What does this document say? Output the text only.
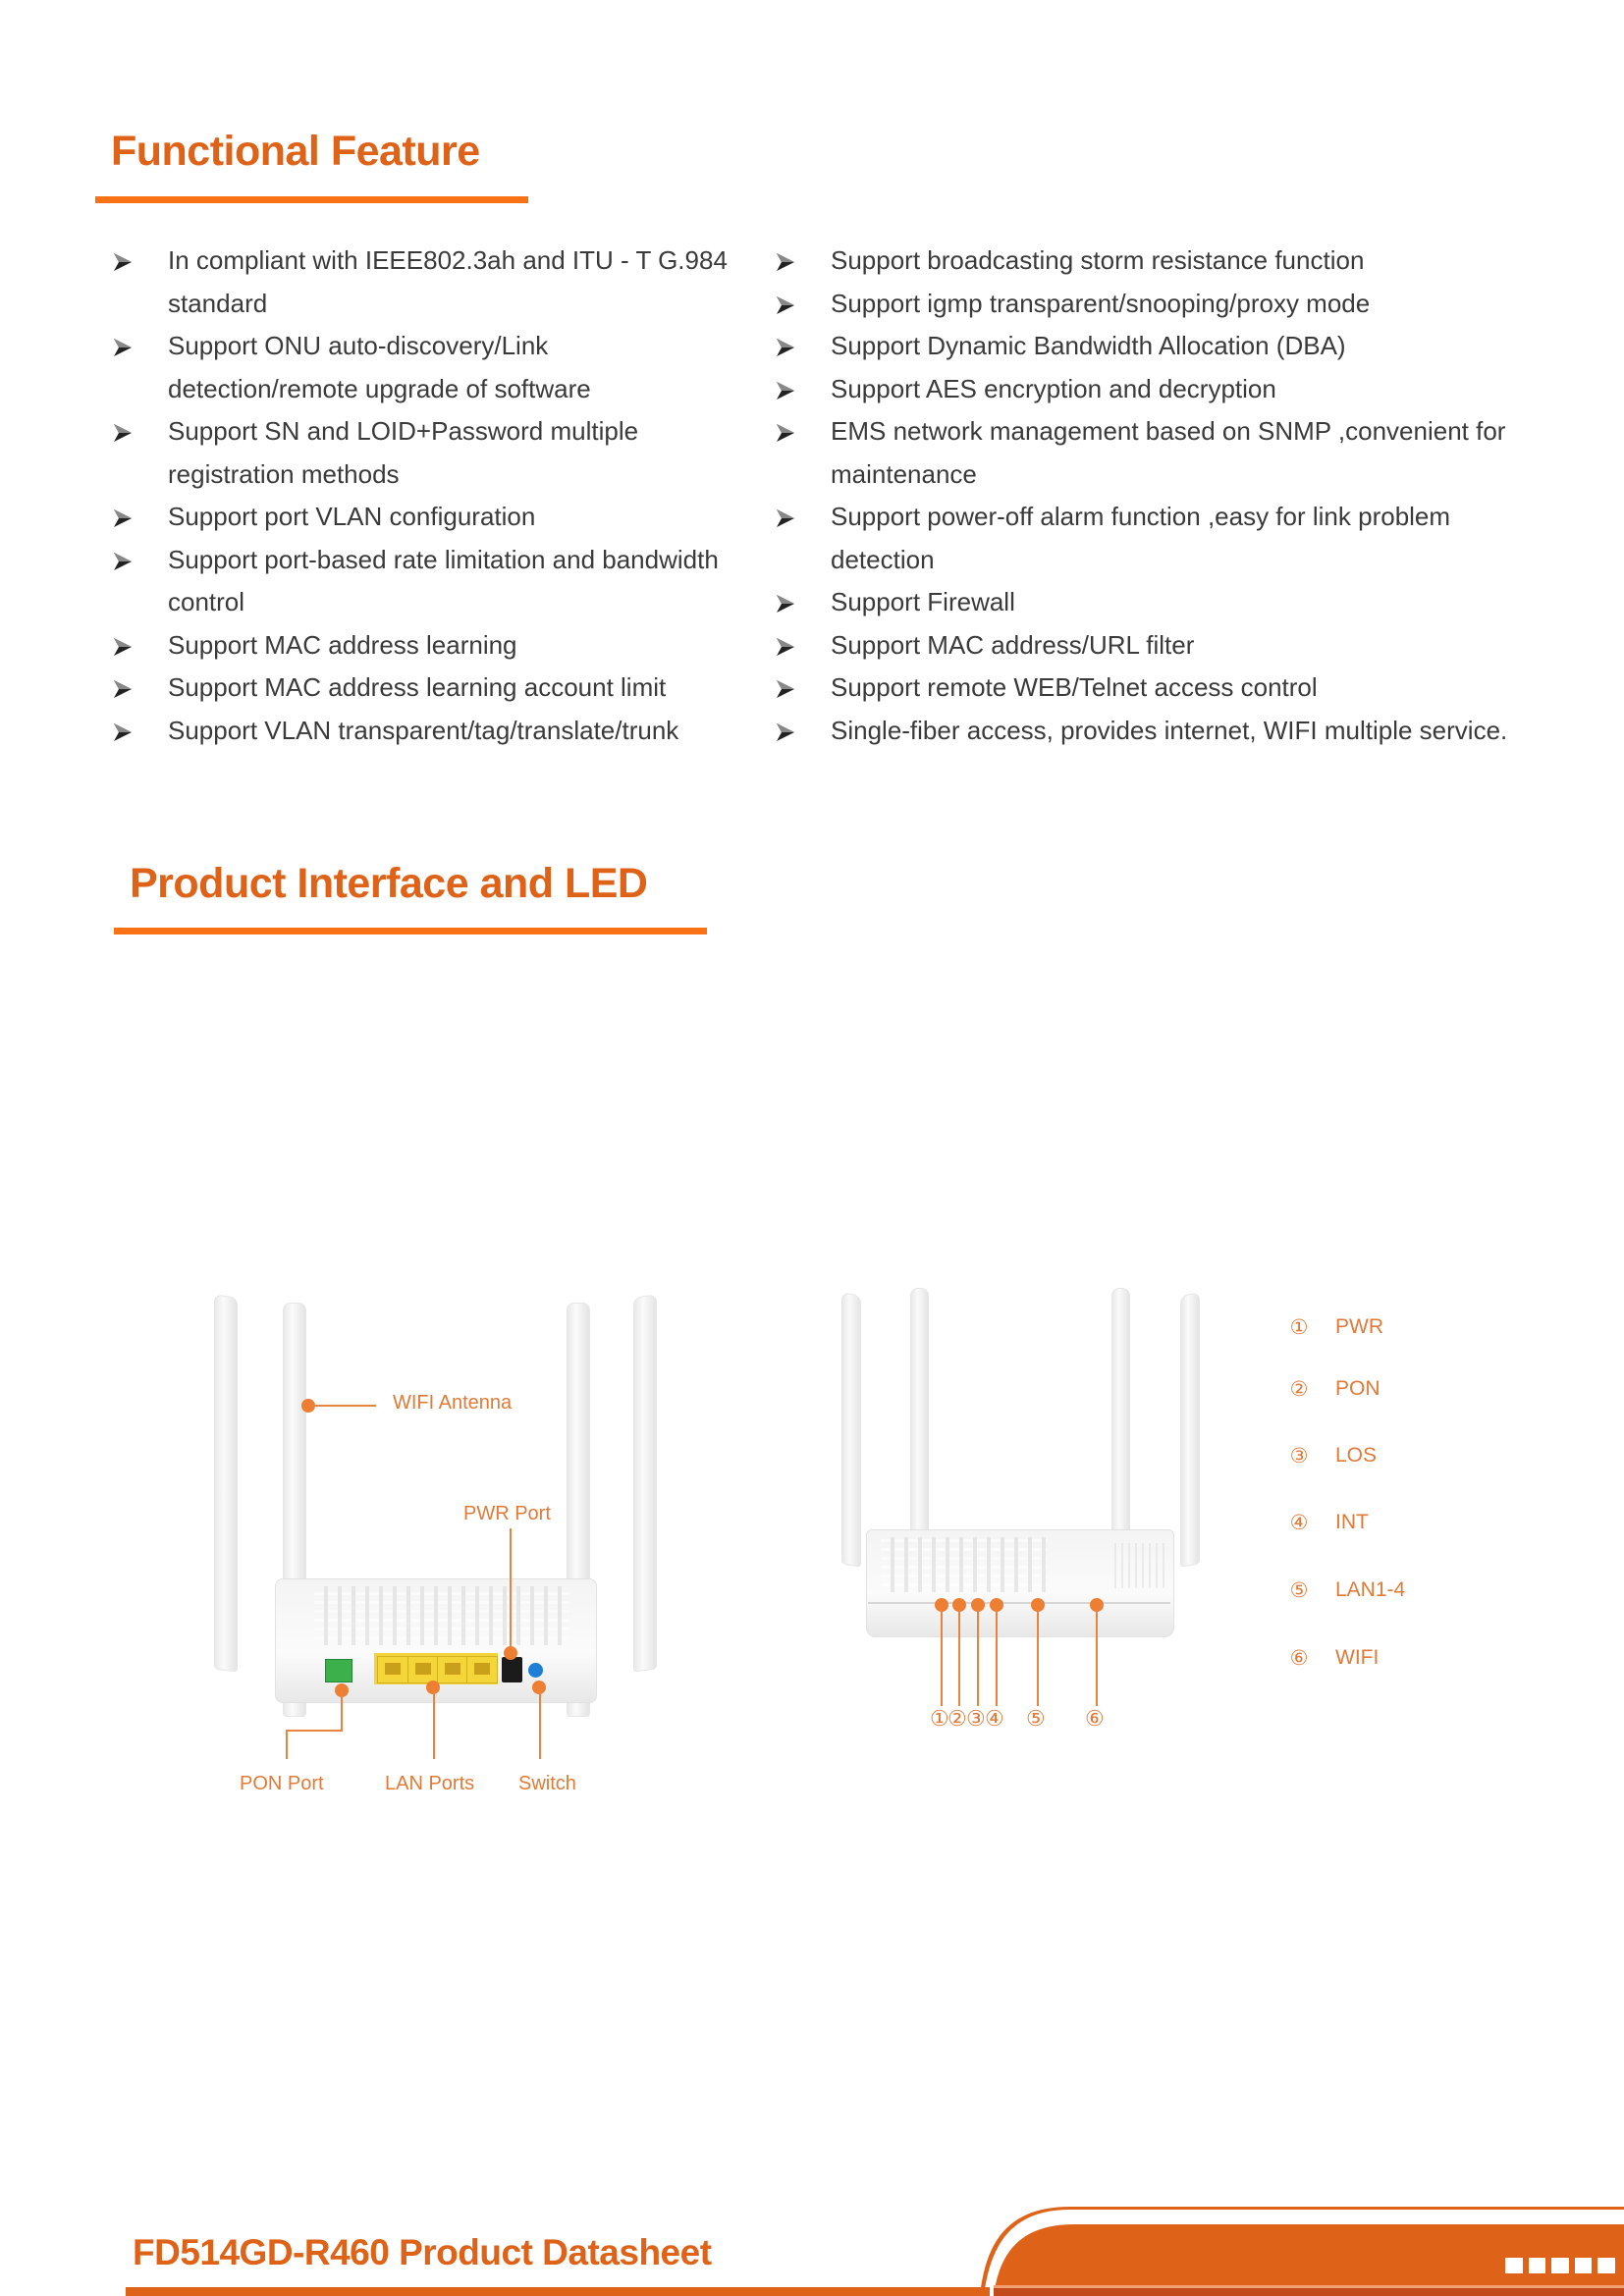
Functional Feature
In compliant with IEEE802.3ah and ITU - T G.984 standard
Support ONU auto-discovery/Link detection/remote upgrade of software
Support SN and LOID+Password multiple registration methods
Support port VLAN configuration
Support port-based rate limitation and bandwidth control
Support MAC address learning
Support MAC address learning account limit
Support VLAN transparent/tag/translate/trunk
Support broadcasting storm resistance function
Support igmp transparent/snooping/proxy mode
Support Dynamic Bandwidth Allocation (DBA)
Support AES encryption and decryption
EMS network management based on SNMP ,convenient for maintenance
Support power-off alarm function ,easy for link problem detection
Support Firewall
Support MAC address/URL filter
Support remote WEB/Telnet access control
Single-fiber access, provides internet, WIFI multiple service.
Product Interface and LED
WIFI Antenna
PWR Port
PON Port	LAN Ports Switch
①
② ③ ④ ⑤ ⑥
① PWR
② PON
③ LOS
④ INT
⑤ LAN1-4
⑥ WIFI
FD514GD-R460 Product Datasheet
